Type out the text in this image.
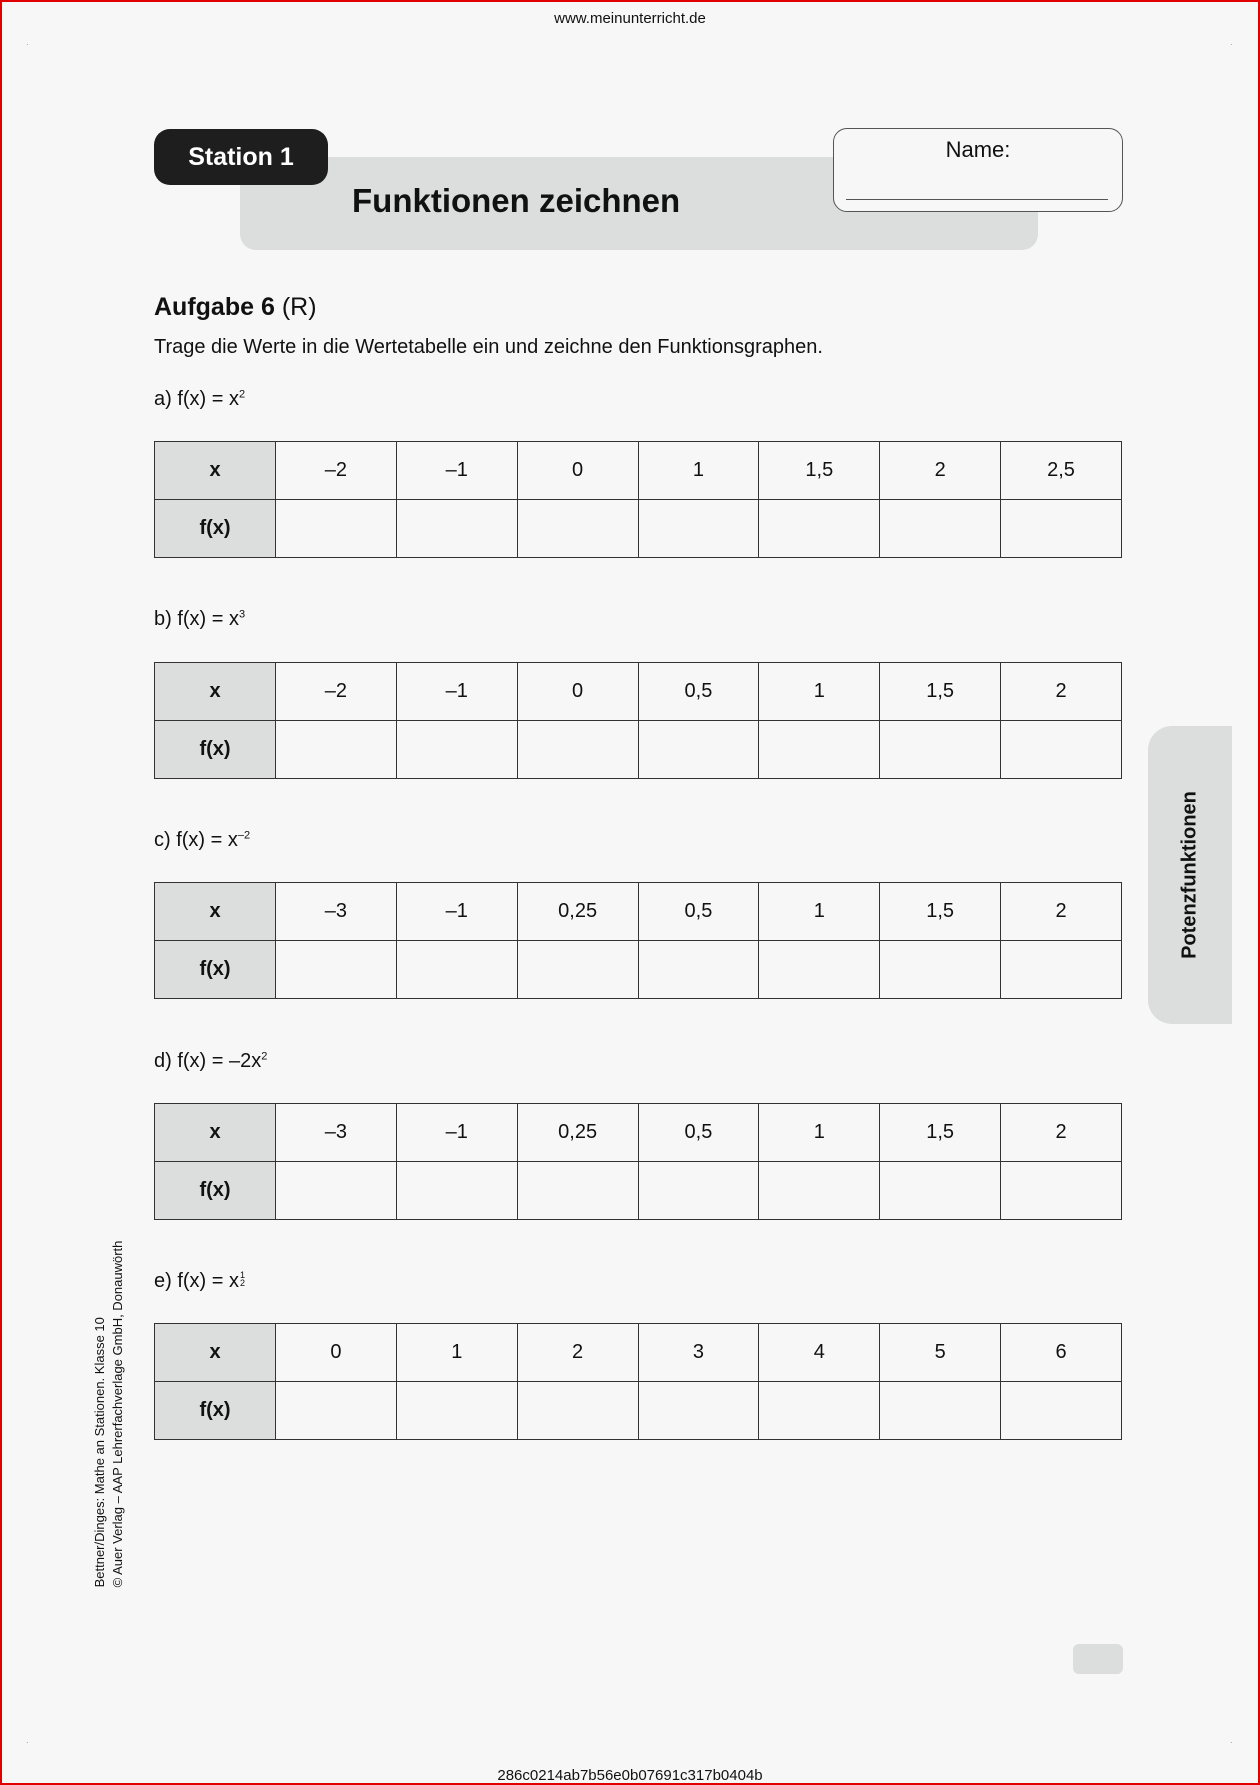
www.meinunterricht.de
Funktionen zeichnen
Station 1	Name:
Aufgabe 6 (R)
Trage die Werte in die Wertetabelle ein und zeichne den Funktionsgraphen.
a) $f(x) = x^2$
x	–2	–1	0	1	1,5	2	2,5
f(x)							
b) $f(x) = x^3$
x	–2	–1	0	0,5	1	1,5	2
f(x)							
c) $f(x) = x^{-2}$
x	–3	–1	0,25	0,5	1	1,5	2
f(x)							
d) $f(x) = -2x^2$
x	–3	–1	0,25	0,5	1	1,5	2
f(x)							
e) f(x) = x 1
2
x	0	1	2	3	4	5	6
f(x)							
Potenzfunktionen
Bettner/Dinges: Mathe an Stationen. Klasse 10 © Auer Verlag – AAP Lehrerfachverlage GmbH, Donauwörth
·	·
·	·
286c0214ab7b56e0b07691c317b0404b
